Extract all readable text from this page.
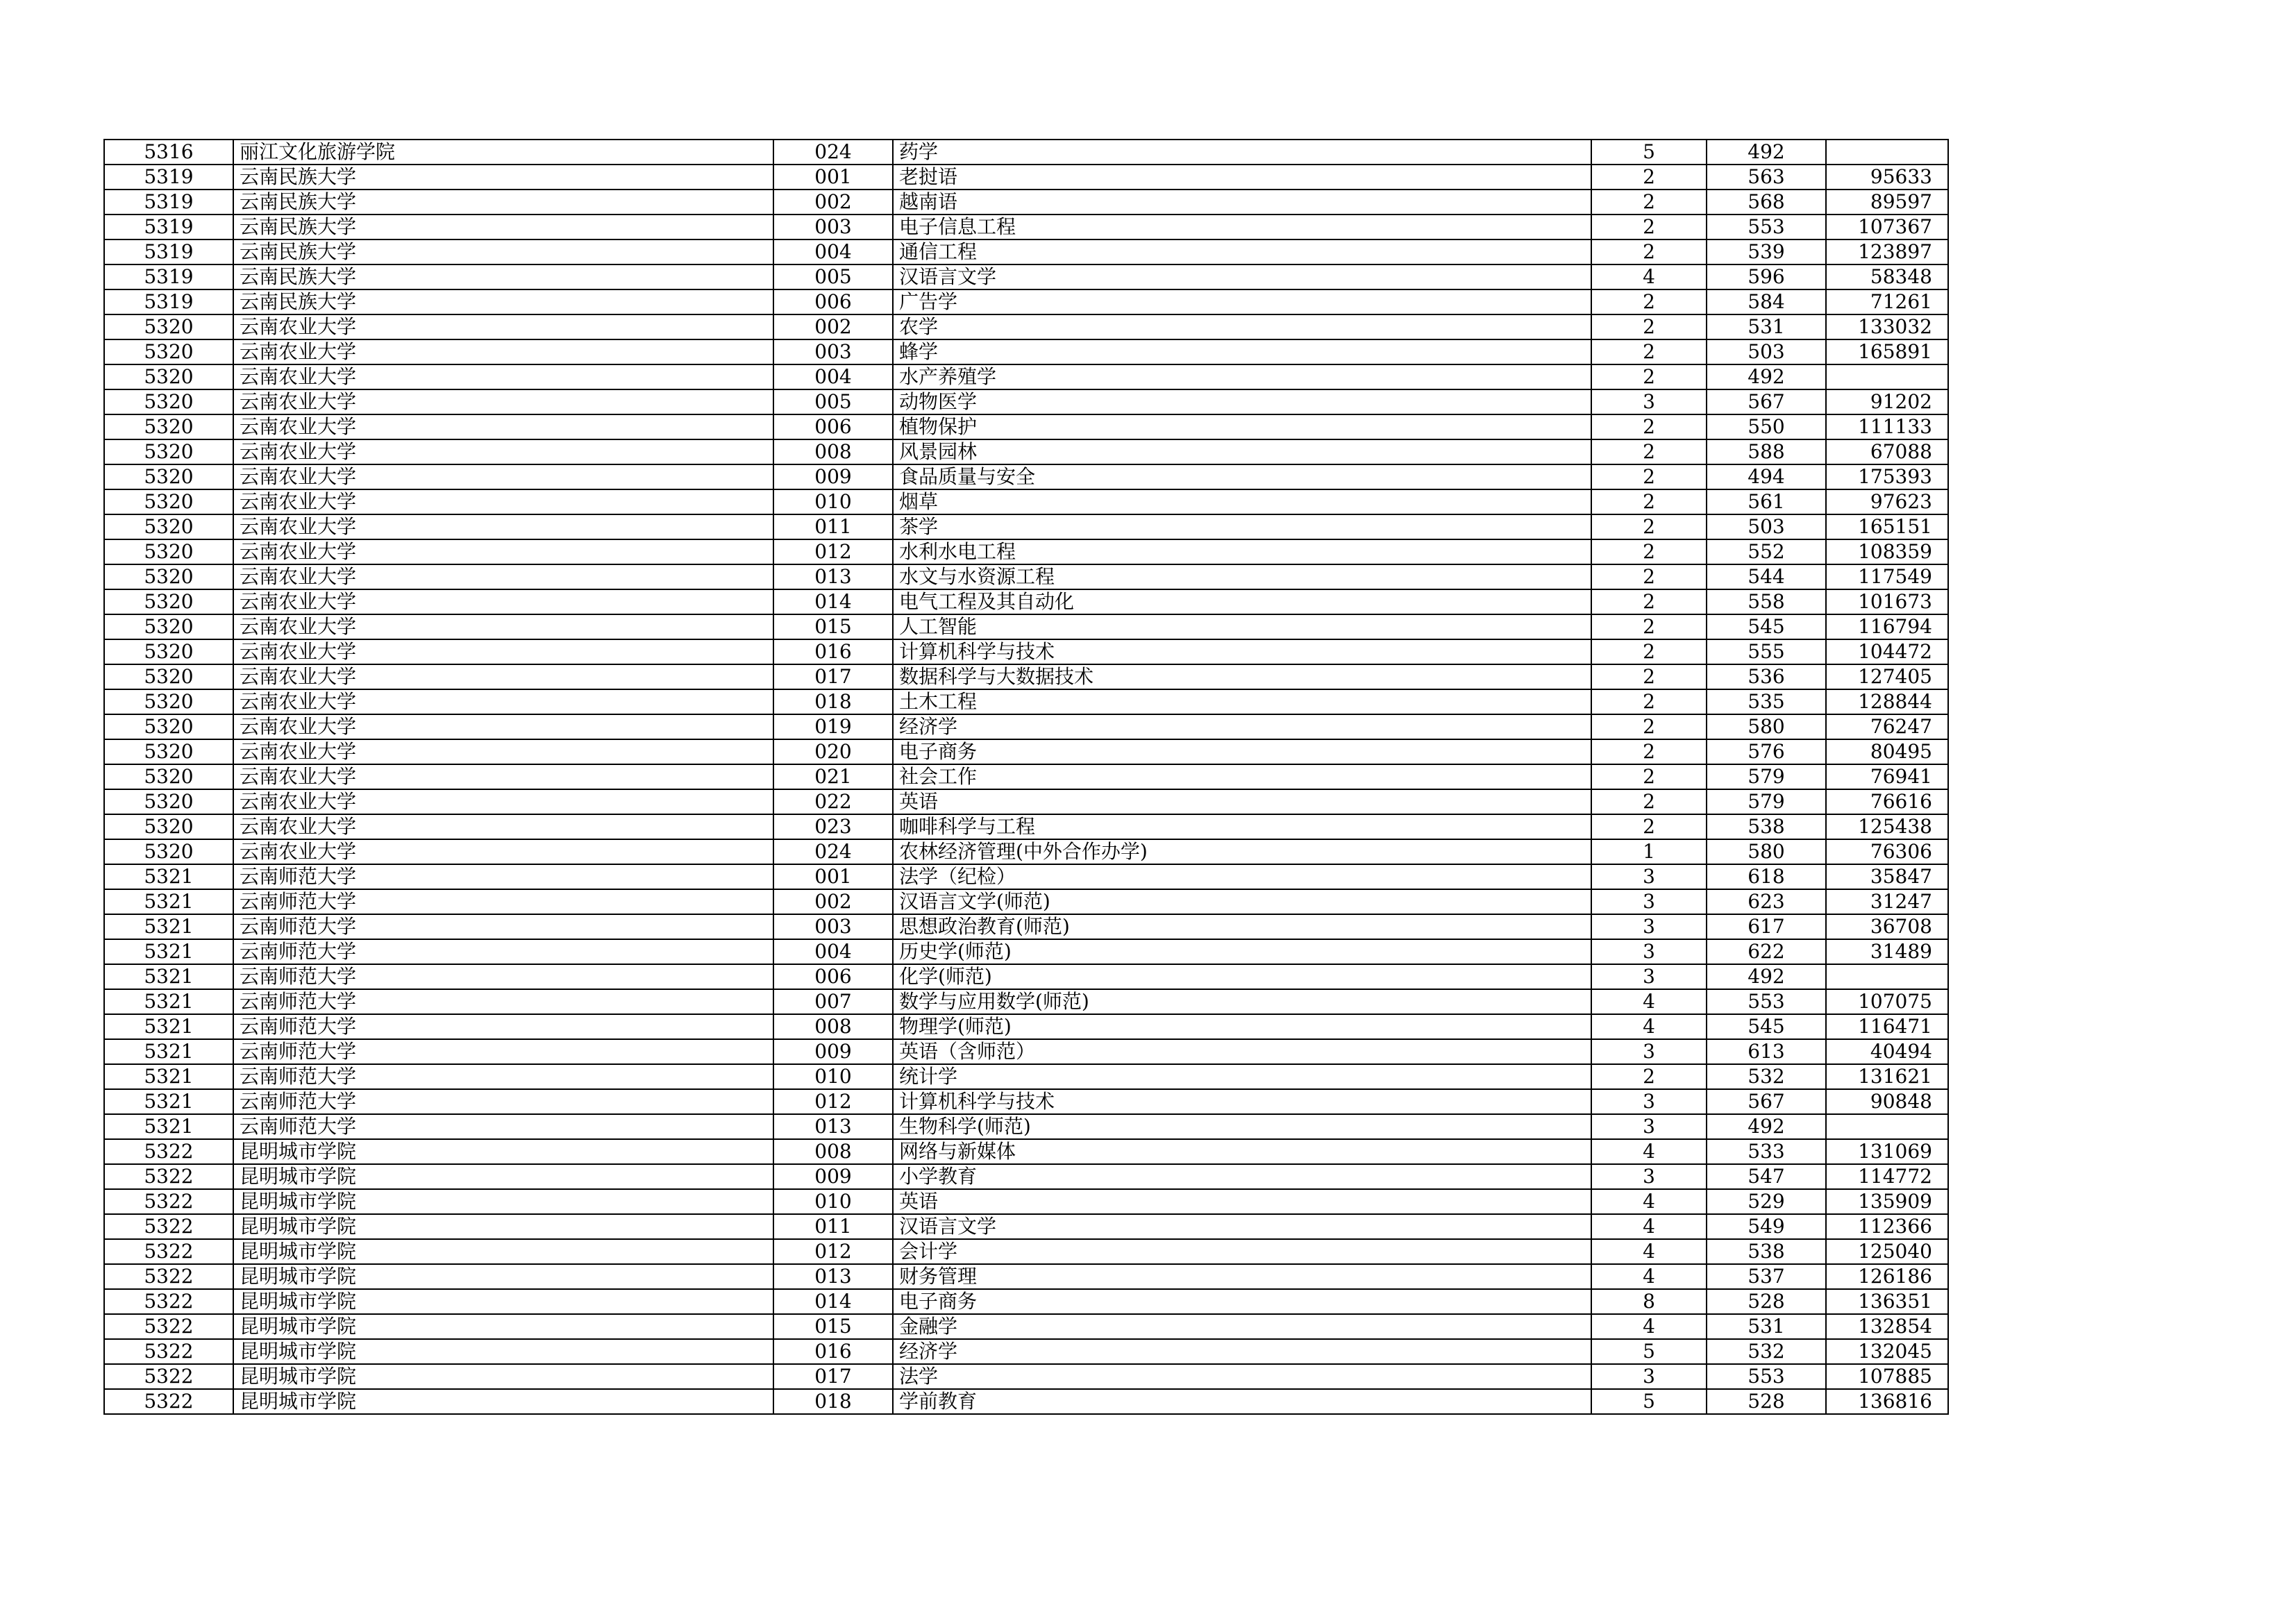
5316	丽江文化旅游学院	024	药学	5	492	
5319	云南民族大学	001	老挝语	2	563	95633
5319	云南民族大学	002	越南语	2	568	89597
5319	云南民族大学	003	电子信息工程	2	553	107367
5319	云南民族大学	004	通信工程	2	539	123897
5319	云南民族大学	005	汉语言文学	4	596	58348
5319	云南民族大学	006	广告学	2	584	71261
5320	云南农业大学	002	农学	2	531	133032
5320	云南农业大学	003	蜂学	2	503	165891
5320	云南农业大学	004	水产养殖学	2	492	
5320	云南农业大学	005	动物医学	3	567	91202
5320	云南农业大学	006	植物保护	2	550	111133
5320	云南农业大学	008	风景园林	2	588	67088
5320	云南农业大学	009	食品质量与安全	2	494	175393
5320	云南农业大学	010	烟草	2	561	97623
5320	云南农业大学	011	茶学	2	503	165151
5320	云南农业大学	012	水利水电工程	2	552	108359
5320	云南农业大学	013	水文与水资源工程	2	544	117549
5320	云南农业大学	014	电气工程及其自动化	2	558	101673
5320	云南农业大学	015	人工智能	2	545	116794
5320	云南农业大学	016	计算机科学与技术	2	555	104472
5320	云南农业大学	017	数据科学与大数据技术	2	536	127405
5320	云南农业大学	018	土木工程	2	535	128844
5320	云南农业大学	019	经济学	2	580	76247
5320	云南农业大学	020	电子商务	2	576	80495
5320	云南农业大学	021	社会工作	2	579	76941
5320	云南农业大学	022	英语	2	579	76616
5320	云南农业大学	023	咖啡科学与工程	2	538	125438
5320	云南农业大学	024	农林经济管理(中外合作办学)	1	580	76306
5321	云南师范大学	001	法学（纪检）	3	618	35847
5321	云南师范大学	002	汉语言文学(师范)	3	623	31247
5321	云南师范大学	003	思想政治教育(师范)	3	617	36708
5321	云南师范大学	004	历史学(师范)	3	622	31489
5321	云南师范大学	006	化学(师范)	3	492	
5321	云南师范大学	007	数学与应用数学(师范)	4	553	107075
5321	云南师范大学	008	物理学(师范)	4	545	116471
5321	云南师范大学	009	英语（含师范）	3	613	40494
5321	云南师范大学	010	统计学	2	532	131621
5321	云南师范大学	012	计算机科学与技术	3	567	90848
5321	云南师范大学	013	生物科学(师范)	3	492	
5322	昆明城市学院	008	网络与新媒体	4	533	131069
5322	昆明城市学院	009	小学教育	3	547	114772
5322	昆明城市学院	010	英语	4	529	135909
5322	昆明城市学院	011	汉语言文学	4	549	112366
5322	昆明城市学院	012	会计学	4	538	125040
5322	昆明城市学院	013	财务管理	4	537	126186
5322	昆明城市学院	014	电子商务	8	528	136351
5322	昆明城市学院	015	金融学	4	531	132854
5322	昆明城市学院	016	经济学	5	532	132045
5322	昆明城市学院	017	法学	3	553	107885
5322	昆明城市学院	018	学前教育	5	528	136816
